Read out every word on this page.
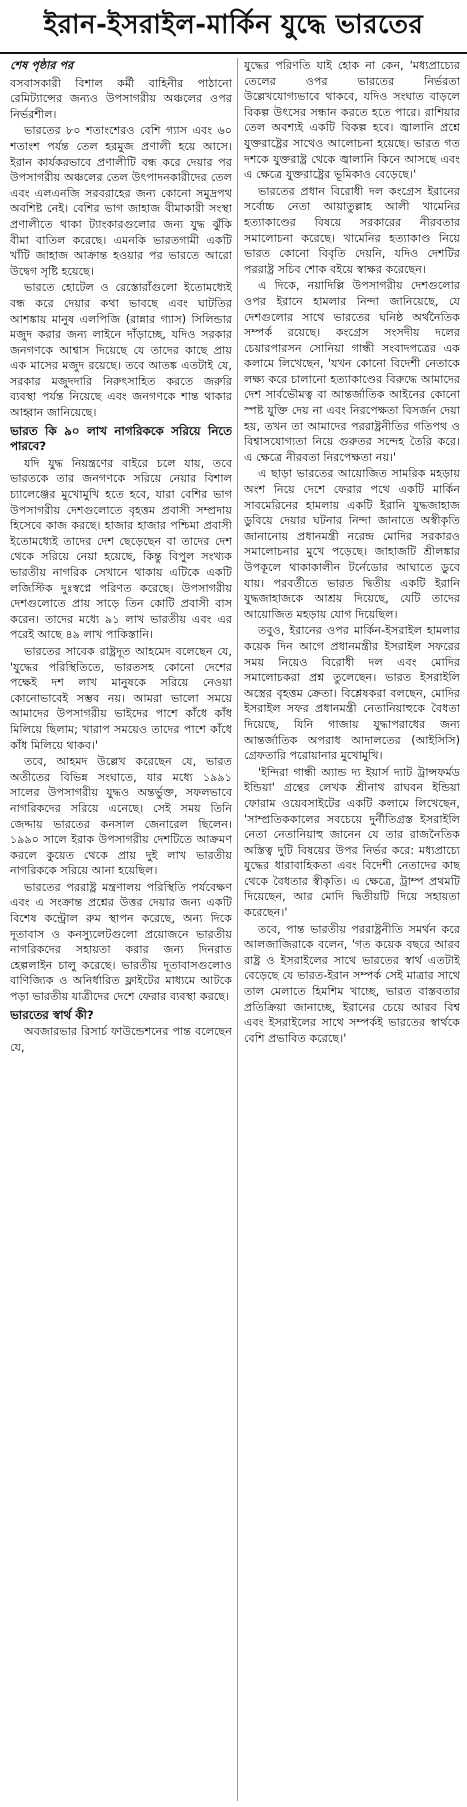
ইরান-ইসরাইল-মার্কিন যুদ্ধে ভারতের
শেষ পৃষ্ঠার পর

বসবাসকারী বিশাল কর্মী বাহিনীর পাঠানো রেমিট্যান্সের জন্যও উপসাগরীয় অঞ্চলের ওপর নির্ভরশীল।

ভারতের ৮০ শতাংশেরও বেশি গ্যাস এবং ৬০ শতাংশ পর্যন্ত তেল হরমুজ প্রণালী হয়ে আসে। ইরান কার্যকরভাবে প্রণালীটি বন্ধ করে দেয়ার পর উপসাগরীয় অঞ্চলের তেল উৎপাদনকারীদের তেল এবং এলএনজি সরবরাহের জন্য কোনো সমুদ্রপথ অবশিষ্ট নেই। বেশির ভাগ জাহাজ বীমাকারী সংস্থা প্রণালীতে থাকা ট্যাংকারগুলোর জন্য যুদ্ধ ঝুঁকি বীমা বাতিল করেছে। এমনকি ভারতগামী একটি খাঁটি জাহাজ আক্রান্ত হওয়ার পর ভারতে আরো উদ্বেগ সৃষ্টি হয়েছে।

ভারতে হোটেল ও রেস্তোরাঁগুলো ইতোমধ্যেই বন্ধ করে দেয়ার কথা ভাবছে এবং ঘাটতির আশঙ্কায় মানুষ এলপিজি (রান্নার গ্যাস) সিলিন্ডার মজুদ করার জন্য লাইনে দাঁড়াচ্ছে, যদিও সরকার জনগণকে আশ্বাস দিয়েছে যে তাদের কাছে প্রায় এক মাসের মজুদ রয়েছে। তবে আতঙ্ক এতটাই যে, সরকার মজুদদারি নিরুৎসাহিত করতে জরুরি ব্যবস্থা পর্যন্ত নিয়েছে এবং জনগণকে শান্ত থাকার আহ্বান জানিয়েছে।

ভারত কি ৯০ লাখ নাগরিককে সরিয়ে নিতে পারবে?

যদি যুদ্ধ নিয়ন্ত্রণের বাইরে চলে যায়, তবে ভারতকে তার জনগণকে সরিয়ে নেয়ার বিশাল চ্যালেঞ্জের মুখোমুখি হতে হবে, যারা বেশির ভাগ উপসাগরীয় দেশগুলোতে বৃহত্তম প্রবাসী সম্প্রদায় হিসেবে কাজ করছে। হাজার হাজার পশ্চিমা প্রবাসী ইতোমধ্যেই তাদের দেশ ছেড়েছেন বা তাদের দেশ থেকে সরিয়ে নেয়া হয়েছে, কিন্তু বিপুল সংখ্যক ভারতীয় নাগরিক সেখানে থাকায় এটিকে একটি লজিস্টিক দুঃস্বপ্নে পরিণত করেছে। উপসাগরীয় দেশগুলোতে প্রায় সাড়ে তিন কোটি প্রবাসী বাস করেন। তাদের মধ্যে ৯১ লাখ ভারতীয় এবং এর পরেই আছে ৪৯ লাখ পাকিস্তানি।

ভারতের সাবেক রাষ্ট্রদূত আহমেদ বলেছেন যে, 'যুদ্ধের পরিস্থিতিতে, ভারতসহ কোনো দেশের পক্ষেই দশ লাখ মানুষকে সরিয়ে নেওয়া কোনোভাবেই সম্ভব নয়। আমরা ভালো সময়ে আমাদের উপসাগরীয় ভাইদের পাশে কাঁধে কাঁধ মিলিয়ে ছিলাম; খারাপ সময়েও তাদের পাশে কাঁধে কাঁধ মিলিয়ে থাকব।'

তবে, আহমদ উল্লেখ করেছেন যে, ভারত অতীতের বিভিন্ন সংঘাতে, যার মধ্যে ১৯৯১ সালের উপসাগরীয় যুদ্ধও অন্তর্ভুক্ত, সফলভাবে নাগরিকদের সরিয়ে এনেছে। সেই সময় তিনি জেদ্দায় ভারতের কনসাল জেনারেল ছিলেন। ১৯৯০ সালে ইরাক উপসাগরীয় দেশটিতে আক্রমণ করলে কুয়েত থেকে প্রায় দুই লাখ ভারতীয় নাগরিককে সরিয়ে আনা হয়েছিল।

ভারতের পররাষ্ট্র মন্ত্রণালয় পরিস্থিতি পর্যবেক্ষণ এবং এ সংক্রান্ত প্রশ্নের উত্তর দেয়ার জন্য একটি বিশেষ কন্ট্রোল রুম স্থাপন করেছে, অন্য দিকে দূতাবাস ও কনস্যুলেটগুলো প্রয়োজনে ভারতীয় নাগরিকদের সহায়তা করার জন্য দিনরাত হেল্পলাইন চালু করেছে। ভারতীয় দূতাবাসগুলোও বাণিজ্যিক ও অনির্ধারিত ফ্লাইটের মাধ্যমে আটকে পড়া ভারতীয় যাত্রীদের দেশে ফেরার ব্যবস্থা করছে।

ভারতের স্বার্থ কী?

অবজারভার রিসার্চ ফাউন্ডেশনের পান্ত বলেছেন যে,

যুদ্ধের পরিণতি যাই হোক না কেন, 'মধ্যপ্রাচ্যের তেলের ওপর ভারতের নির্ভরতা উল্লেখযোগ্যভাবে থাকবে, যদিও সংঘাত বাড়লে বিকল্প উৎসের সন্ধান করতে হতে পারে। রাশিয়ার তেল অবশ্যই একটি বিকল্প হবে। জ্বালানি প্রশ্নে যুক্তরাষ্ট্রের সাথেও আলোচনা হয়েছে। ভারত গত দশকে যুক্তরাষ্ট্র থেকে জ্বালানি কিনে আসছে এবং এ ক্ষেত্রে যুক্তরাষ্ট্রের ভূমিকাও বেড়েছে।'

ভারতের প্রধান বিরোধী দল কংগ্রেস ইরানের সর্বোচ্চ নেতা আয়াতুল্লাহ আলী খামেনির হত্যাকাণ্ডের বিষয়ে সরকারের নীরবতার সমালোচনা করেছে। খামেনির হত্যাকাণ্ড নিয়ে ভারত কোনো বিবৃতি দেয়নি, যদিও দেশটির পররাষ্ট্র সচিব শোক বইয়ে স্বাক্ষর করেছেন।

এ দিকে, নয়াদিল্লি উপসাগরীয় দেশগুলোর ওপর ইরানে হামলার নিন্দা জানিয়েছে, যে দেশগুলোর সাথে ভারতের ঘনিষ্ঠ অর্থনৈতিক সম্পর্ক রয়েছে। কংগ্রেস সংসদীয় দলের চেয়ারপারসন সোনিয়া গান্ধী সংবাদপত্রের এক কলামে লিখেছেন, 'যখন কোনো বিদেশী নেতাকে লক্ষ্য করে চালানো হত্যাকাণ্ডের বিরুদ্ধে আমাদের দেশ সার্বভৌমত্ব বা আন্তর্জাতিক আইনের কোনো স্পষ্ট যুক্তি দেয় না এবং নিরপেক্ষতা বিসর্জন দেয়া হয়, তখন তা আমাদের পররাষ্ট্রনীতির গতিপথ ও বিশ্বাসযোগ্যতা নিয়ে গুরুতর সন্দেহ তৈরি করে। এ ক্ষেত্রে নীরবতা নিরপেক্ষতা নয়।'

এ ছাড়া ভারতের আয়োজিত সামরিক মহড়ায় অংশ নিয়ে দেশে ফেরার পথে একটি মার্কিন সাবমেরিনের হামলায় একটি ইরানি যুদ্ধজাহাজ ডুবিয়ে দেয়ার ঘটনার নিন্দা জানাতে অস্বীকৃতি জানানোয় প্রধানমন্ত্রী নরেন্দ্র মোদির সরকারও সমালোচনার মুখে পড়েছে। জাহাজটি শ্রীলঙ্কার উপকূলে থাকাকালীন টর্নেডোর আঘাতে ডুবে যায়। পরবর্তীতে ভারত দ্বিতীয় একটি ইরানি যুদ্ধজাহাজকে আশ্রয় দিয়েছে, যেটি তাদের আয়োজিত মহড়ায় যোগ দিয়েছিল।

তবুও, ইরানের ওপর মার্কিন-ইসরাইল হামলার কয়েক দিন আগে প্রধানমন্ত্রীর ইসরাইল সফরের সময় নিয়েও বিরোধী দল এবং মোদির সমালোচকরা প্রশ্ন তুলেছেন। ভারত ইসরাইলি অস্ত্রের বৃহত্তম ক্রেতা। বিশ্লেষকরা বলছেন, মোদির ইসরাইল সফর প্রধানমন্ত্রী নেতানিয়াহুকে বৈধতা দিয়েছে, যিনি গাজায় যুদ্ধাপরাধের জন্য আন্তর্জাতিক অপরাধ আদালতের (আইসিসি) গ্রেফতারি পরোয়ানার মুখোমুখি।

'ইন্দিরা গান্ধী অ্যান্ড দ্য ইয়ার্স দ্যাট ট্রান্সফর্মড ইন্ডিয়া' গ্রন্থের লেখক শ্রীনাথ রাঘবন ইন্ডিয়া ফোরাম ওয়েবসাইটের একটি কলামে লিখেছেন, 'সাম্প্রতিককালের সবচেয়ে দুর্নীতিগ্রস্ত ইসরাইলি নেতা নেতানিয়াহু জানেন যে তার রাজনৈতিক অস্তিত্ব দুটি বিষয়ের উপর নির্ভর করে: মধ্যপ্রাচ্যে যুদ্ধের ধারাবাহিকতা এবং বিদেশী নেতাদের কাছ থেকে বৈধতার স্বীকৃতি। এ ক্ষেত্রে, ট্রাম্প প্রথমটি দিয়েছেন, আর মোদি দ্বিতীয়টি দিয়ে সহায়তা করেছেন।'

তবে, পান্ত ভারতীয় পররাষ্ট্রনীতি সমর্থন করে আলজাজিরাকে বলেন, 'গত কয়েক বছরে আরব রাষ্ট্র ও ইসরাইলের সাথে ভারতের স্বার্থ এতটাই বেড়েছে যে ভারত-ইরান সম্পর্ক সেই মাত্রার সাথে তাল মেলাতে হিমশিম খাচ্ছে, ভারত বাস্তবতার প্রতিক্রিয়া জানাচ্ছে, ইরানের চেয়ে আরব বিশ্ব এবং ইসরাইলের সাথে সম্পর্কই ভারতের স্বার্থকে বেশি প্রভাবিত করেছে।'
